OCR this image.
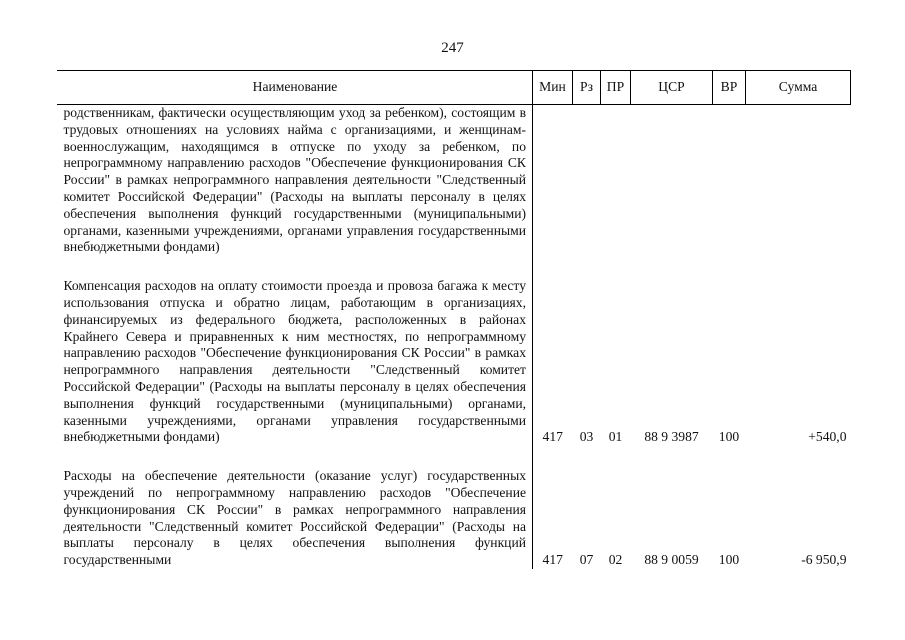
247
Наименование	Мин	Рз	ПР	ЦСР	ВР	Сумма
родственникам, фактически осуществляющим уход за ребенком), состоящим в трудовых отношениях на условиях найма с организациями, и женщинам-военнослужащим, находящимся в отпуске по уходу за ребенком, по непрограммному направлению расходов "Обеспечение функционирования СК России" в рамках непрограммного направления деятельности "Следственный комитет Российской Федерации" (Расходы на выплаты персоналу в целях обеспечения выполнения функций государственными (муниципальными) органами, казенными учреждениями, органами управления государственными внебюджетными фондами)						

Компенсация расходов на оплату стоимости проезда и провоза багажа к месту использования отпуска и обратно лицам, работающим в организациях, финансируемых из федерального бюджета, расположенных в районах Крайнего Севера и приравненных к ним местностях, по непрограммному направлению расходов "Обеспечение функционирования СК России" в рамках непрограммного направления деятельности "Следственный комитет Российской Федерации" (Расходы на выплаты персоналу в целях обеспечения выполнения функций государственными (муниципальными) органами, казенными учреждениями, органами управления государственными внебюджетными фондами)	417	03	01	88 9 3987	100	+540,0

Расходы на обеспечение деятельности (оказание услуг) государственных учреждений по непрограммному направлению расходов "Обеспечение функционирования СК России" в рамках непрограммного направления деятельности "Следственный комитет Российской Федерации" (Расходы на выплаты персоналу в целях обеспечения выполнения функций государственными	417	07	02	88 9 0059	100	-6 950,9
